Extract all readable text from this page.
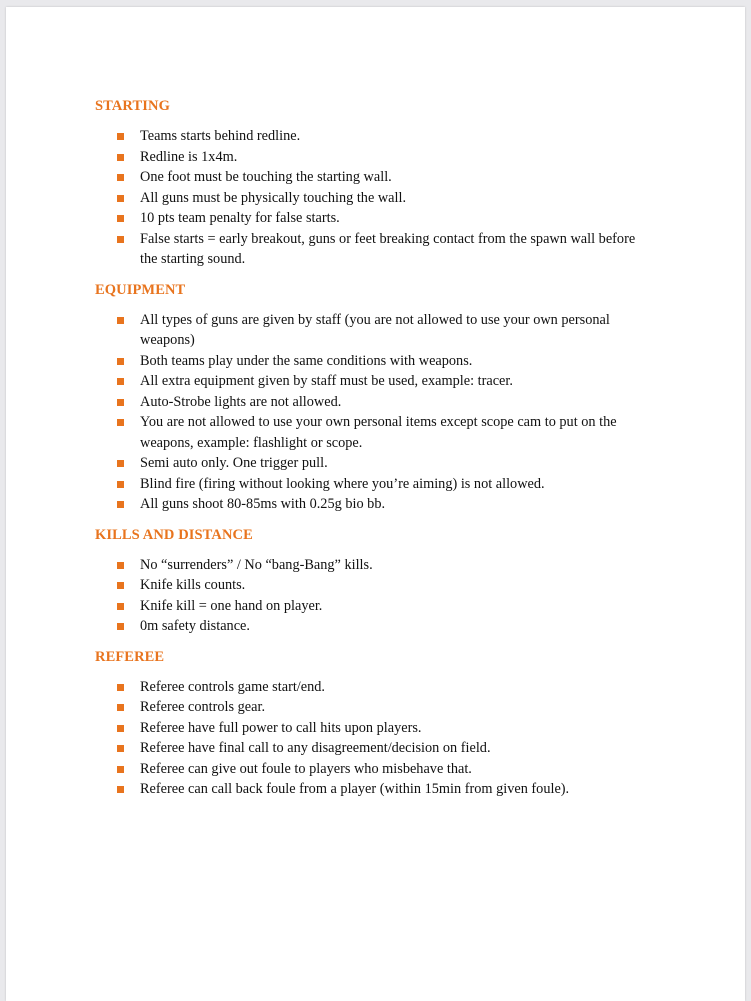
STARTING
Teams starts behind redline.
Redline is 1x4m.
One foot must be touching the starting wall.
All guns must be physically touching the wall.
10 pts team penalty for false starts.
False starts = early breakout, guns or feet breaking contact from the spawn wall before the starting sound.
EQUIPMENT
All types of guns are given by staff (you are not allowed to use your own personal weapons)
Both teams play under the same conditions with weapons.
All extra equipment given by staff must be used, example: tracer.
Auto-Strobe lights are not allowed.
You are not allowed to use your own personal items except scope cam to put on the weapons, example: flashlight or scope.
Semi auto only. One trigger pull.
Blind fire (firing without looking where you’re aiming) is not allowed.
All guns shoot 80-85ms with 0.25g bio bb.
KILLS AND DISTANCE
No “surrenders” / No “bang-Bang” kills.
Knife kills counts.
Knife kill = one hand on player.
0m safety distance.
REFEREE
Referee controls game start/end.
Referee controls gear.
Referee have full power to call hits upon players.
Referee have final call to any disagreement/decision on field.
Referee can give out foule to players who misbehave that.
Referee can call back foule from a player (within 15min from given foule).
